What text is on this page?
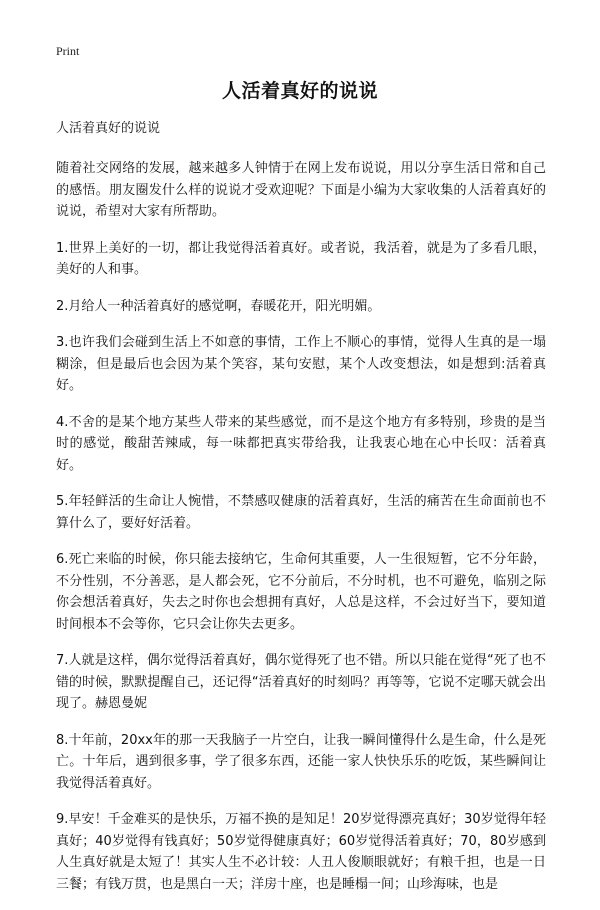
Print
人活着真好的说说

人活着真好的说说

随着社交网络的发展，越来越多人钟情于在网上发布说说，用以分享生活日常和自己的感悟。朋友圈发什么样的说说才受欢迎呢？下面是小编为大家收集的人活着真好的说说，希望对大家有所帮助。

1.世界上美好的一切，都让我觉得活着真好。或者说，我活着，就是为了多看几眼，美好的人和事。

2.月给人一种活着真好的感觉啊，春暖花开，阳光明媚。

3.也许我们会碰到生活上不如意的事情，工作上不顺心的事情，觉得人生真的是一塌糊涂，但是最后也会因为某个笑容，某句安慰，某个人改变想法，如是想到:活着真好。

4.不舍的是某个地方某些人带来的某些感觉，而不是这个地方有多特别，珍贵的是当时的感觉，酸甜苦辣咸，每一味都把真实带给我，让我衷心地在心中长叹：活着真好。

5.年轻鲜活的生命让人惋惜，不禁感叹健康的活着真好，生活的痛苦在生命面前也不算什么了，要好好活着。

6.死亡来临的时候，你只能去接纳它，生命何其重要，人一生很短暂，它不分年龄，不分性别，不分善恶，是人都会死，它不分前后，不分时机，也不可避免，临别之际你会想活着真好，失去之时你也会想拥有真好，人总是这样，不会过好当下，要知道时间根本不会等你，它只会让你失去更多。

7.人就是这样，偶尔觉得活着真好，偶尔觉得死了也不错。所以只能在觉得“死了也不错的时候，默默提醒自己，还记得“活着真好的时刻吗？再等等，它说不定哪天就会出现了。赫恩曼妮

8.十年前，20xx年的那一天我脑子一片空白，让我一瞬间懂得什么是生命，什么是死亡。十年后，遇到很多事，学了很多东西，还能一家人快快乐乐的吃饭，某些瞬间让我觉得活着真好。

9.早安！千金难买的是快乐，万福不换的是知足！20岁觉得漂亮真好；30岁觉得年轻真好；40岁觉得有钱真好；50岁觉得健康真好；60岁觉得活着真好；70，80岁感到人生真好就是太短了！其实人生不必计较：人丑人俊顺眼就好；有粮千担，也是一日三餐；有钱万贯，也是黑白一天；洋房十座，也是睡榻一间；山珍海味，也是
